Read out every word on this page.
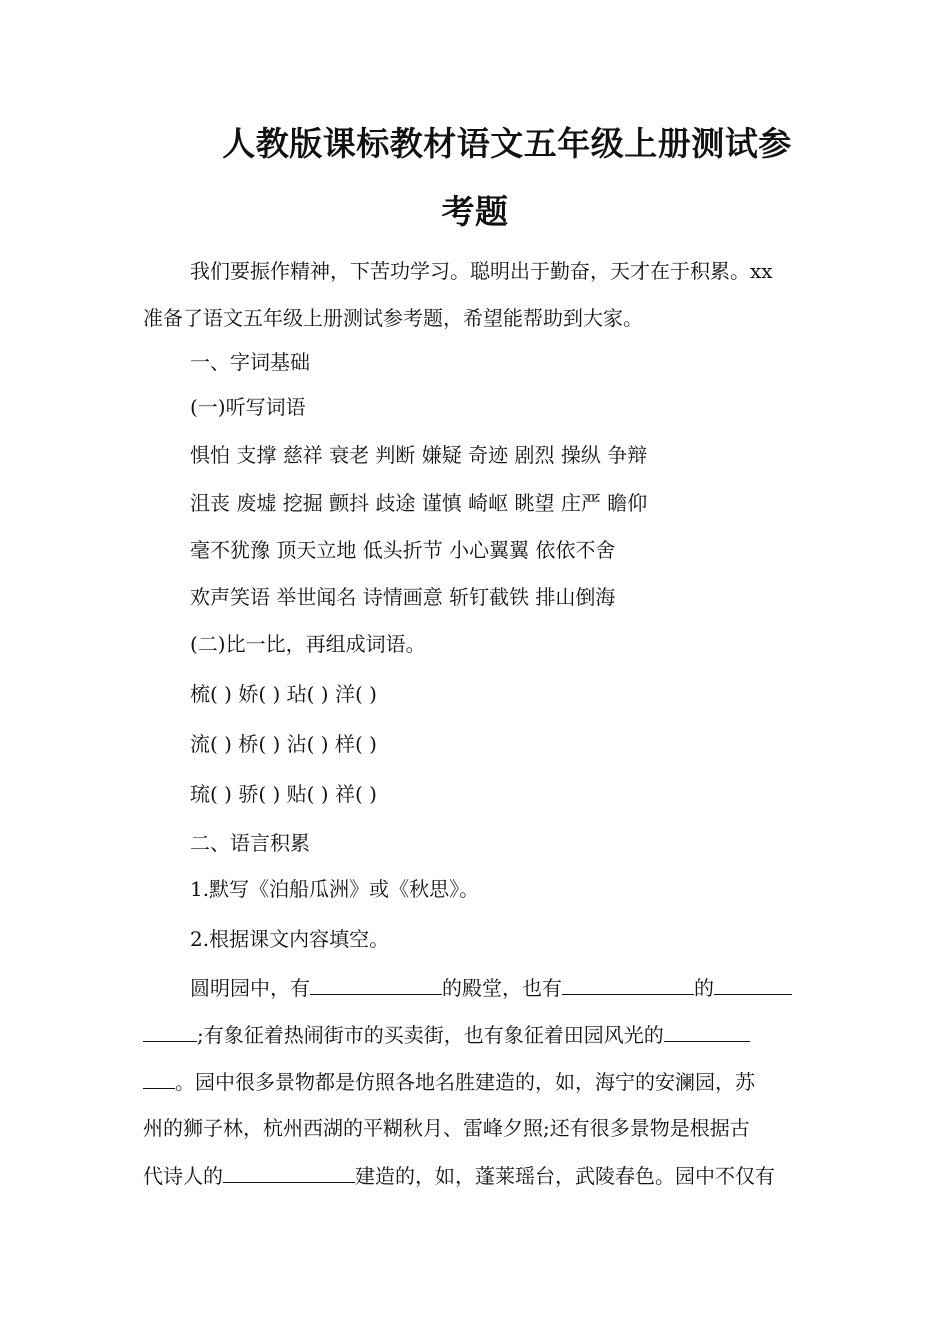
人教版课标教材语文五年级上册测试参
考题
我们要振作精神，下苦功学习。聪明出于勤奋，天才在于积累。xx
准备了语文五年级上册测试参考题，希望能帮助到大家。
一、字词基础
(一)听写词语
惧怕 支撑 慈祥 衰老 判断 嫌疑 奇迹 剧烈 操纵 争辩
沮丧 废墟 挖掘 颤抖 歧途 谨慎 崎岖 眺望 庄严 瞻仰
毫不犹豫 顶天立地 低头折节 小心翼翼 依依不舍
欢声笑语 举世闻名 诗情画意 斩钉截铁 排山倒海
(二)比一比，再组成词语。
梳( ) 娇( ) 玷( ) 洋( )
流( ) 桥( ) 沾( ) 样( )
琉( ) 骄( ) 贴( ) 祥( )
二、语言积累
1.默写《泊船瓜洲》或《秋思》。
2.根据课文内容填空。
圆明园中，有	的殿堂，也有	的
;有象征着热闹街市的买卖街，也有象征着田园风光的
。园中很多景物都是仿照各地名胜建造的，如，海宁的安澜园，苏
州的狮子林，杭州西湖的平糊秋月、雷峰夕照;还有很多景物是根据古
代诗人的	建造的，如，蓬莱瑶台，武陵春色。园中不仅有
